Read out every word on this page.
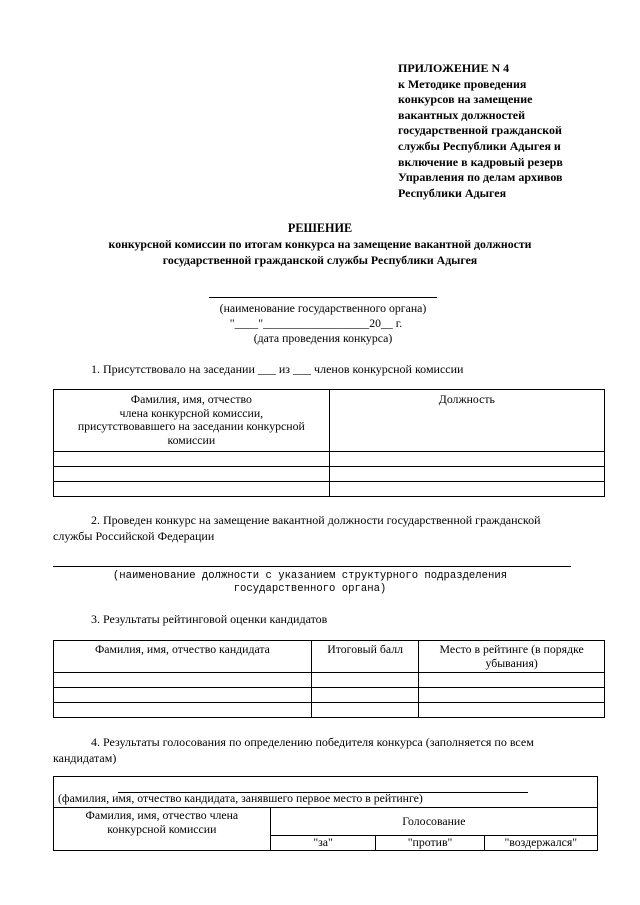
ПРИЛОЖЕНИЕ N 4
к Методике проведения
конкурсов на замещение
вакантных должностей
государственной гражданской
службы Республики Адыгея и
включение в кадровый резерв
Управления по делам архивов
Республики Адыгея
РЕШЕНИЕ
конкурсной комиссии по итогам конкурса на замещение вакантной должности
государственной гражданской службы Республики Адыгея
(наименование государственного органа)
"____"__________________20__ г.
(дата проведения конкурса)
1. Присутствовало на заседании ___ из ___ членов конкурсной комиссии
Фамилия, имя, отчество
члена конкурсной комиссии,
присутствовавшего на заседании конкурсной
комиссии	Должность

2. Проведен конкурс на замещение вакантной должности государственной гражданской
службы Российской Федерации
(наименование должности с указанием структурного подразделения
государственного органа)
3. Результаты рейтинговой оценки кандидатов
Фамилия, имя, отчество кандидата	Итоговый балл	Место в рейтинге (в порядке
убывания)

4. Результаты голосования по определению победителя конкурса (заполняется по всем
кандидатам)
(фамилия, имя, отчество кандидата, занявшего первое место в рейтинге)			
Фамилия, имя, отчество члена
конкурсной комиссии	Голосование		
	"за"	"против"	"воздержался"
